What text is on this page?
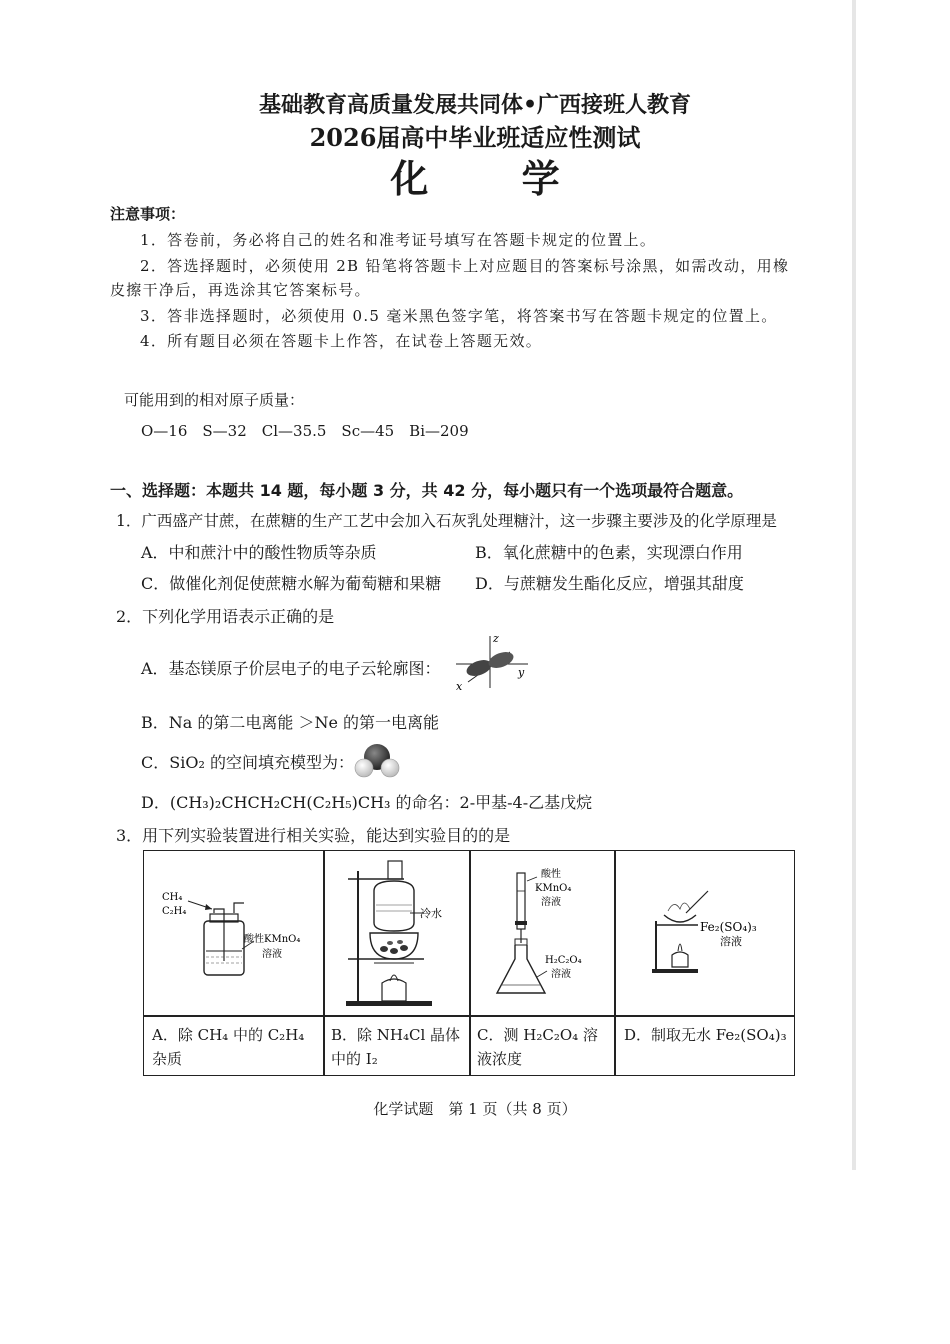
基础教育高质量发展共同体•广西接班人教育
2026届高中毕业班适应性测试
化 学
注意事项：
1．答卷前，务必将自己的姓名和准考证号填写在答题卡规定的位置上。
2．答选择题时，必须使用 2B 铅笔将答题卡上对应题目的答案标号涂黑，如需改动，用橡
皮擦干净后，再选涂其它答案标号。
3．答非选择题时，必须使用 0.5 毫米黑色签字笔，将答案书写在答题卡规定的位置上。
4．所有题目必须在答题卡上作答，在试卷上答题无效。
可能用到的相对原子质量：
O—16　S—32　Cl—35.5　Sc—45　Bi—209
一、选择题：本题共 14 题，每小题 3 分，共 42 分，每小题只有一个选项最符合题意。
1．广西盛产甘蔗，在蔗糖的生产工艺中会加入石灰乳处理糖汁，这一步骤主要涉及的化学原理是
A．中和蔗汁中的酸性物质等杂质	B．氧化蔗糖中的色素，实现漂白作用
C．做催化剂促使蔗糖水解为葡萄糖和果糖 D．与蔗糖发生酯化反应，增强其甜度
2．下列化学用语表示正确的是
A．基态镁原子价层电子的电子云轮廓图：
z
y
x
B．Na 的第二电离能 ＞Ne 的第一电离能
C．SiO₂ 的空间填充模型为：
D．(CH₃)₂CHCH₂CH(C₂H₅)CH₃ 的命名：2-甲基-4-乙基戊烷
3．用下列实验装置进行相关实验，能达到实验目的的是
CH₄
C₂H₄
酸性KMnO₄
溶液
冷水
酸性
KMnO₄
溶液
H₂C₂O₄
溶液
Fe₂(SO₄)₃
溶液
A．除 CH₄ 中的 C₂H₄ 杂质
B．除 NH₄Cl 晶体中的 I₂
C．测 H₂C₂O₄ 溶液浓度
D．制取无水 Fe₂(SO₄)₃
化学试题　第 1 页（共 8 页）
